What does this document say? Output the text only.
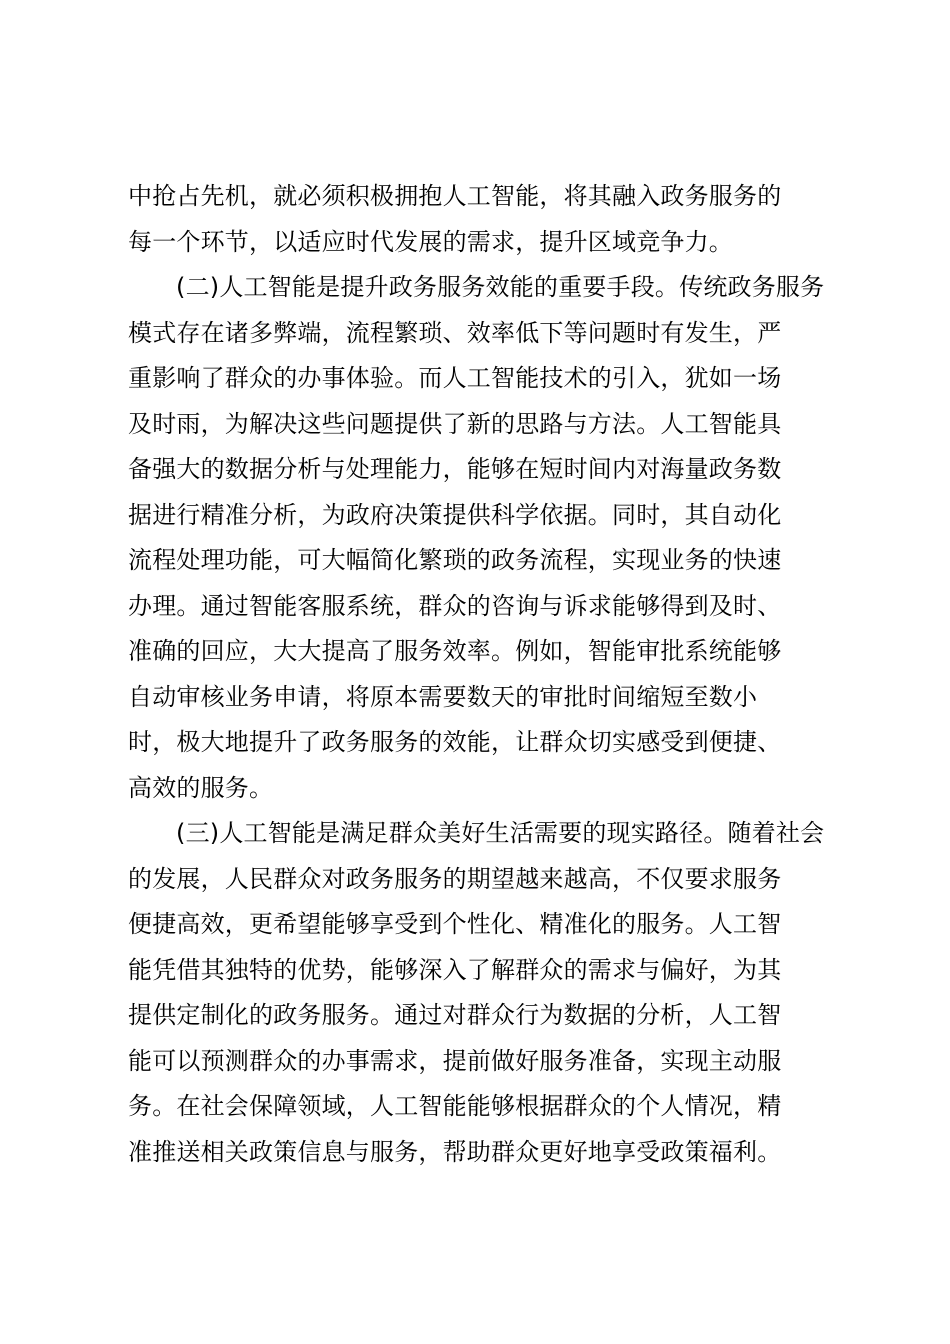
中抢占先机，就必须积极拥抱人工智能，将其融入政务服务的
每一个环节，以适应时代发展的需求，提升区域竞争力。
(二)人工智能是提升政务服务效能的重要手段。传统政务服务
模式存在诸多弊端，流程繁琐、效率低下等问题时有发生，严
重影响了群众的办事体验。而人工智能技术的引入，犹如一场
及时雨，为解决这些问题提供了新的思路与方法。人工智能具
备强大的数据分析与处理能力，能够在短时间内对海量政务数
据进行精准分析，为政府决策提供科学依据。同时，其自动化
流程处理功能，可大幅简化繁琐的政务流程，实现业务的快速
办理。通过智能客服系统，群众的咨询与诉求能够得到及时、
准确的回应，大大提高了服务效率。例如，智能审批系统能够
自动审核业务申请，将原本需要数天的审批时间缩短至数小
时，极大地提升了政务服务的效能，让群众切实感受到便捷、
高效的服务。
(三)人工智能是满足群众美好生活需要的现实路径。随着社会
的发展，人民群众对政务服务的期望越来越高，不仅要求服务
便捷高效，更希望能够享受到个性化、精准化的服务。人工智
能凭借其独特的优势，能够深入了解群众的需求与偏好，为其
提供定制化的政务服务。通过对群众行为数据的分析，人工智
能可以预测群众的办事需求，提前做好服务准备，实现主动服
务。在社会保障领域，人工智能能够根据群众的个人情况，精
准推送相关政策信息与服务，帮助群众更好地享受政策福利。
